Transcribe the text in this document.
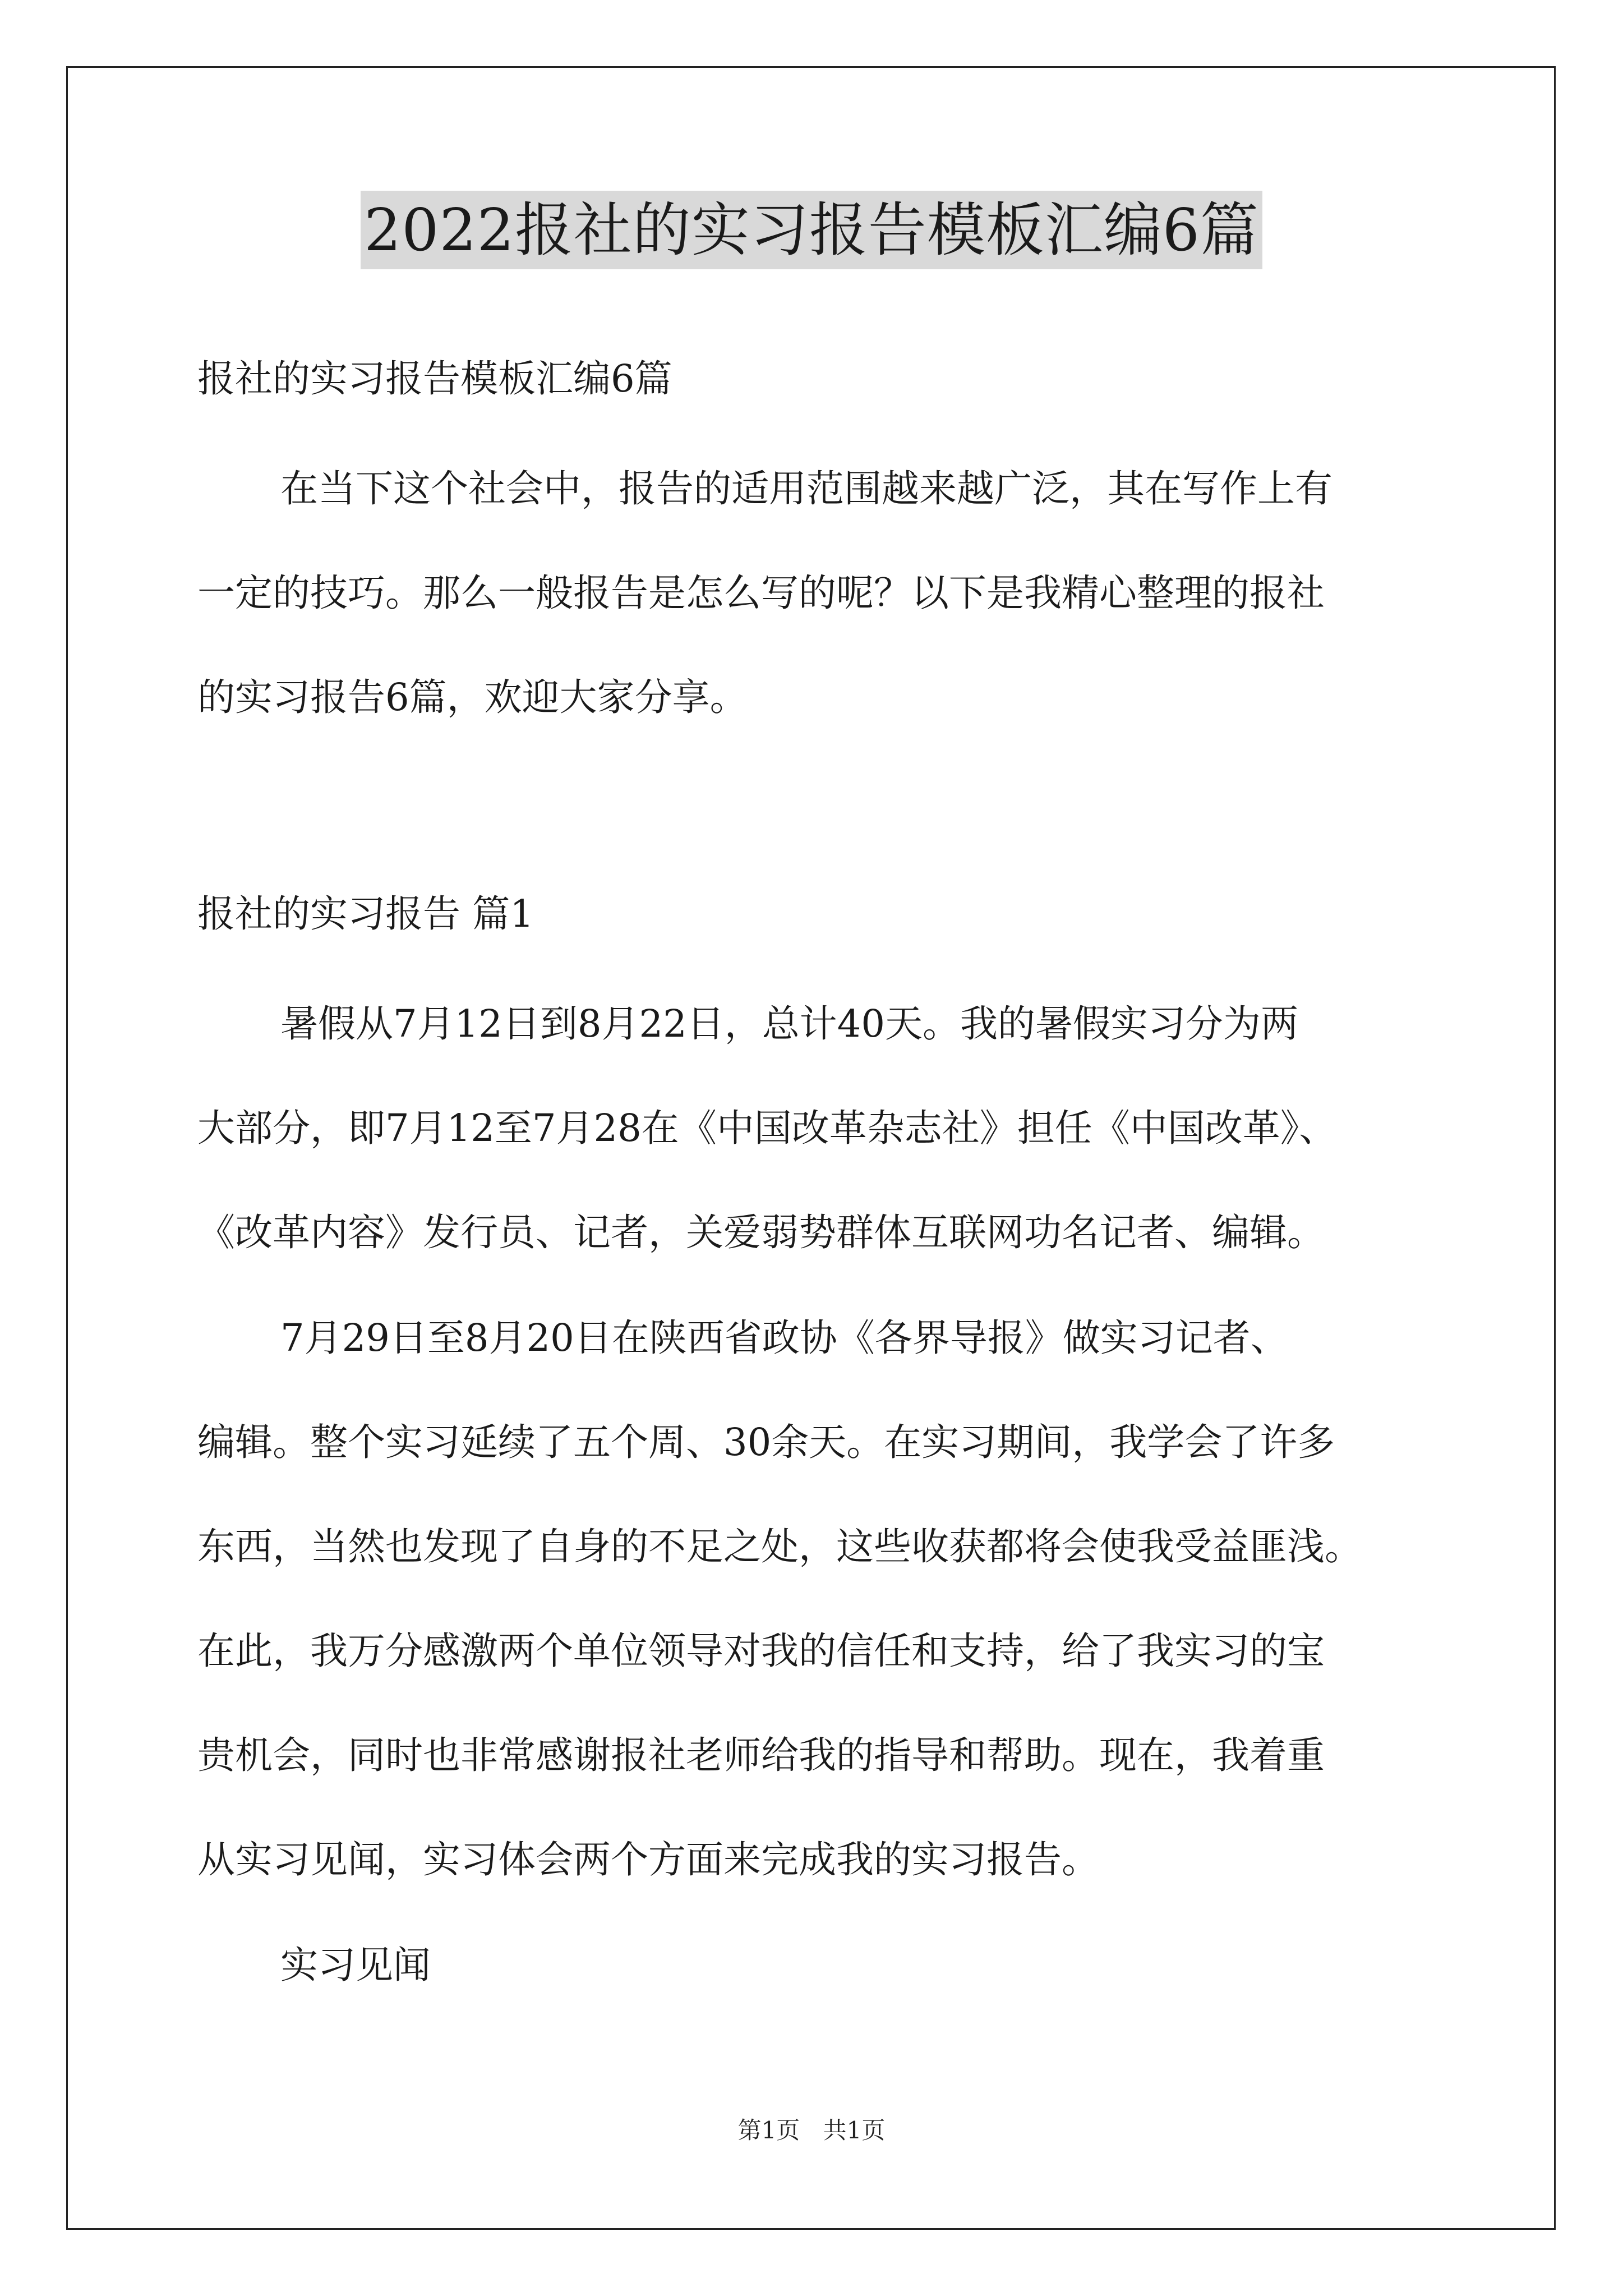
2022报社的实习报告模板汇编6篇
报社的实习报告模板汇编6篇
在当下这个社会中，报告的适用范围越来越广泛，其在写作上有
一定的技巧。那么一般报告是怎么写的呢？以下是我精心整理的报社
的实习报告6篇，欢迎大家分享。
报社的实习报告 篇1
暑假从7月12日到8月22日，总计40天。我的暑假实习分为两
大部分，即7月12至7月28在《中国改革杂志社》担任《中国改革》、
《改革内容》发行员、记者，关爱弱势群体互联网功名记者、编辑。
7月29日至8月20日在陕西省政协《各界导报》做实习记者、
编辑。整个实习延续了五个周、30余天。在实习期间，我学会了许多
东西，当然也发现了自身的不足之处，这些收获都将会使我受益匪浅。
在此，我万分感激两个单位领导对我的信任和支持，给了我实习的宝
贵机会，同时也非常感谢报社老师给我的指导和帮助。现在，我着重
从实习见闻，实习体会两个方面来完成我的实习报告。
实习见闻
第1页 共1页
